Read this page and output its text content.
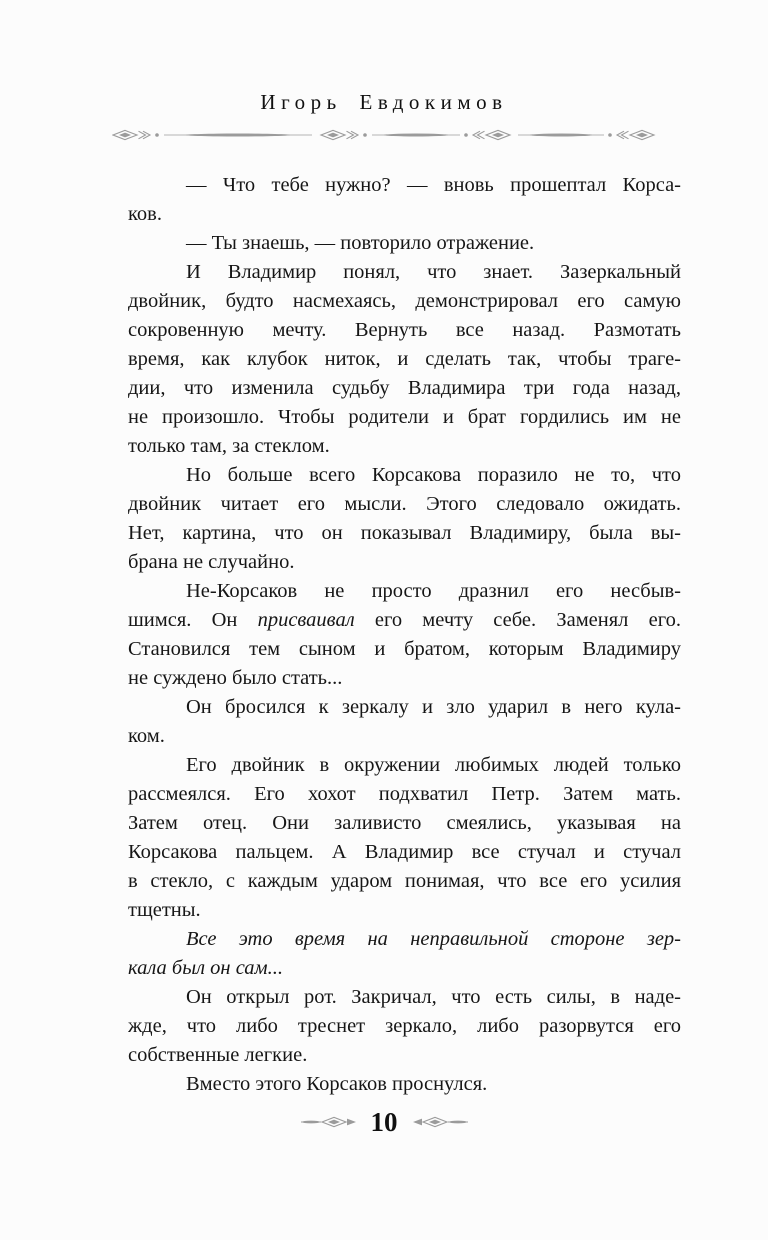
Игорь Евдокимов
— Что тебе нужно? — вновь прошептал Корса-
ков.
— Ты знаешь, — повторило отражение.
И Владимир понял, что знает. Зазеркальный
двойник, будто насмехаясь, демонстрировал его самую
сокровенную мечту. Вернуть все назад. Размотать
время, как клубок ниток, и сделать так, чтобы траге-
дии, что изменила судьбу Владимира три года назад,
не произошло. Чтобы родители и брат гордились им не
только там, за стеклом.
Но больше всего Корсакова поразило не то, что
двойник читает его мысли. Этого следовало ожидать.
Нет, картина, что он показывал Владимиру, была вы-
брана не случайно.
Не-Корсаков не просто дразнил его несбыв-
шимся. Он присваивал его мечту себе. Заменял его.
Становился тем сыном и братом, которым Владимиру
не суждено было стать...
Он бросился к зеркалу и зло ударил в него кула-
ком.
Его двойник в окружении любимых людей только
рассмеялся. Его хохот подхватил Петр. Затем мать.
Затем отец. Они заливисто смеялись, указывая на
Корсакова пальцем. А Владимир все стучал и стучал
в стекло, с каждым ударом понимая, что все его усилия
тщетны.
Все это время на неправильной стороне зер-
кала был он сам...
Он открыл рот. Закричал, что есть силы, в наде-
жде, что либо треснет зеркало, либо разорвутся его
собственные легкие.
Вместо этого Корсаков проснулся.
10
